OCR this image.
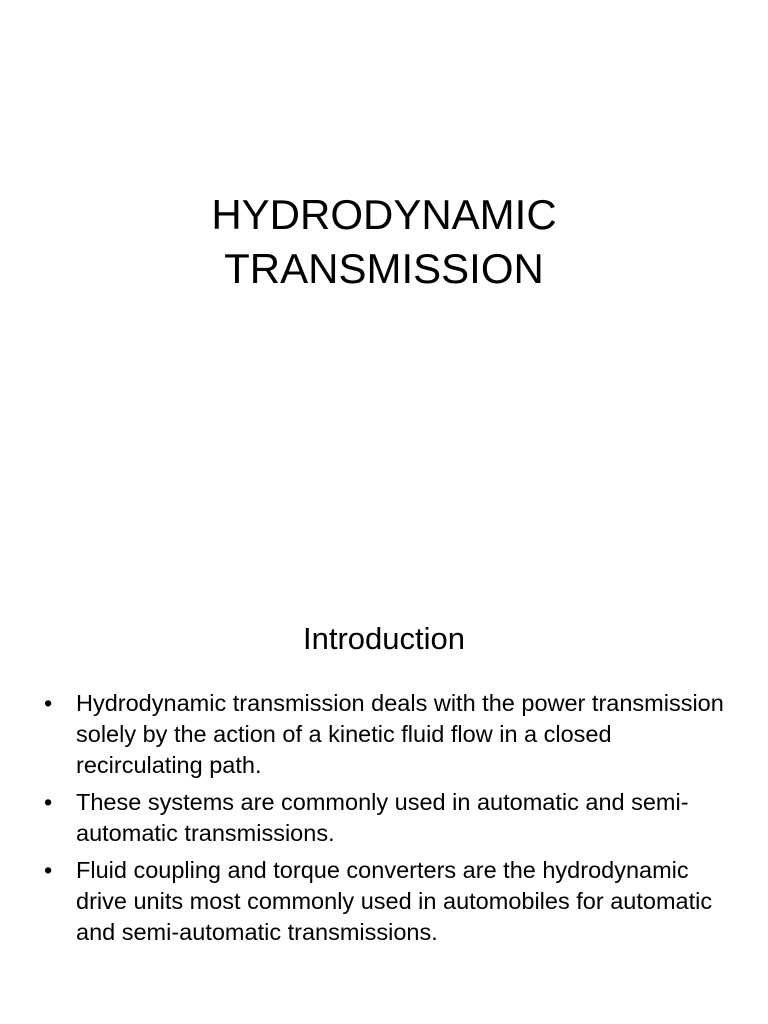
HYDRODYNAMIC
TRANSMISSION
Introduction
•	Hydrodynamic transmission deals with the power transmission solely by the action of a kinetic fluid flow in a closed recirculating path.
•	These systems are commonly used in automatic and semi-automatic transmissions.
•	Fluid coupling and torque converters are the hydrodynamic drive units most commonly used in automobiles for automatic and semi-automatic transmissions.
